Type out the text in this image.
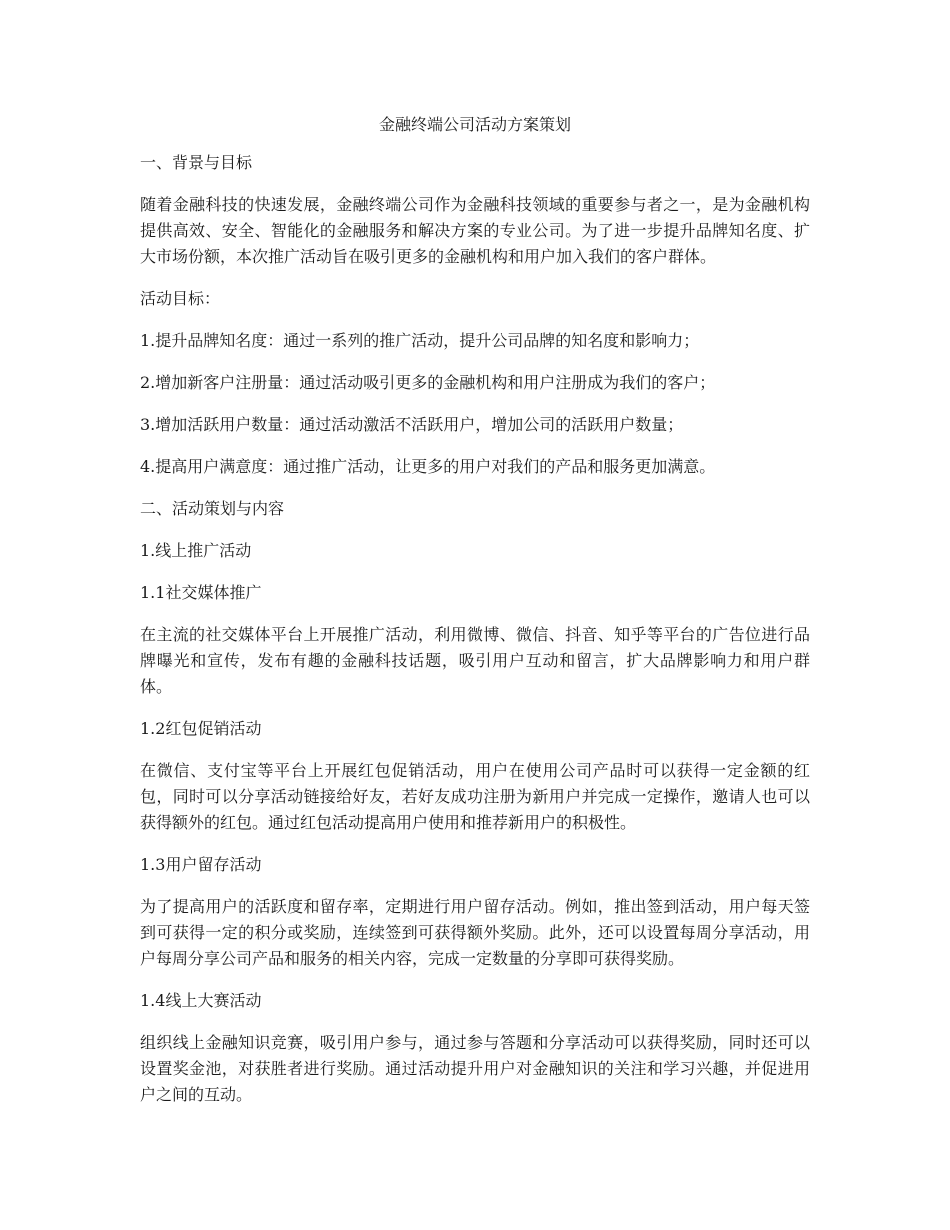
金融终端公司活动方案策划
一、背景与目标
随着金融科技的快速发展，金融终端公司作为金融科技领域的重要参与者之一，是为金融机构提供高效、安全、智能化的金融服务和解决方案的专业公司。为了进一步提升品牌知名度、扩大市场份额，本次推广活动旨在吸引更多的金融机构和用户加入我们的客户群体。
活动目标：
1.提升品牌知名度：通过一系列的推广活动，提升公司品牌的知名度和影响力；
2.增加新客户注册量：通过活动吸引更多的金融机构和用户注册成为我们的客户；
3.增加活跃用户数量：通过活动激活不活跃用户，增加公司的活跃用户数量；
4.提高用户满意度：通过推广活动，让更多的用户对我们的产品和服务更加满意。
二、活动策划与内容
1.线上推广活动
1.1社交媒体推广
在主流的社交媒体平台上开展推广活动，利用微博、微信、抖音、知乎等平台的广告位进行品牌曝光和宣传，发布有趣的金融科技话题，吸引用户互动和留言，扩大品牌影响力和用户群体。
1.2红包促销活动
在微信、支付宝等平台上开展红包促销活动，用户在使用公司产品时可以获得一定金额的红包，同时可以分享活动链接给好友，若好友成功注册为新用户并完成一定操作，邀请人也可以获得额外的红包。通过红包活动提高用户使用和推荐新用户的积极性。
1.3用户留存活动
为了提高用户的活跃度和留存率，定期进行用户留存活动。例如，推出签到活动，用户每天签到可获得一定的积分或奖励，连续签到可获得额外奖励。此外，还可以设置每周分享活动，用户每周分享公司产品和服务的相关内容，完成一定数量的分享即可获得奖励。
1.4线上大赛活动
组织线上金融知识竞赛，吸引用户参与，通过参与答题和分享活动可以获得奖励，同时还可以设置奖金池，对获胜者进行奖励。通过活动提升用户对金融知识的关注和学习兴趣，并促进用户之间的互动。
